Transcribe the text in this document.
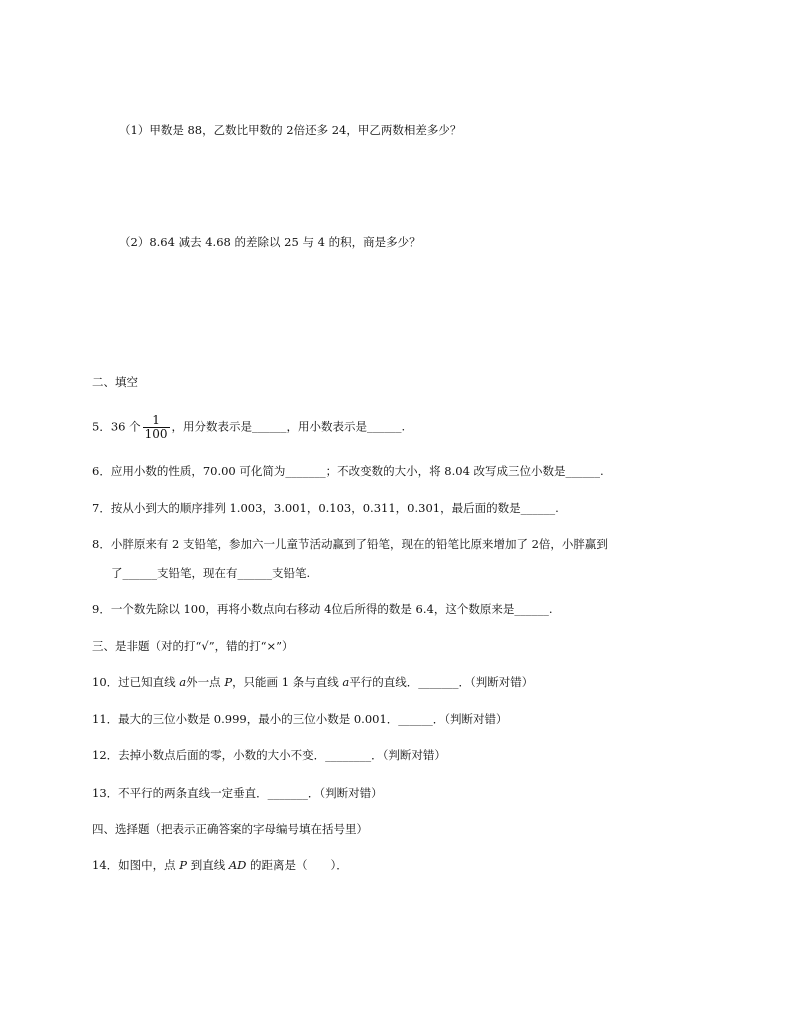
（1）甲数是 88，乙数比甲数的 2倍还多 24，甲乙两数相差多少？
（2）8.64 减去 4.68 的差除以 25 与 4 的积，商是多少？
二、填空
5．36 个 $\frac{1}{100}$ ，用分数表示是______，用小数表示是______.
6．应用小数的性质，70.00 可化简为_______；不改变数的大小，将 8.04 改写成三位小数是______.
7．按从小到大的顺序排列 1.003，3.001，0.103，0.311，0.301，最后面的数是______.
8．小胖原来有 2 支铅笔，参加六一儿童节活动赢到了铅笔，现在的铅笔比原来增加了 2倍，小胖赢到
了______支铅笔，现在有______支铅笔.
9．一个数先除以 100，再将小数点向右移动 4位后所得的数是 6.4，这个数原来是______.
三、是非题（对的打“√”，错的打“×”）
10．过已知直线 a外一点 P，只能画 1 条与直线 a平行的直线．_______．（判断对错）
11．最大的三位小数是 0.999，最小的三位小数是 0.001．______．（判断对错）
12．去掉小数点后面的零，小数的大小不变．________．（判断对错）
13．不平行的两条直线一定垂直．_______．（判断对错）
四、选择题（把表示正确答案的字母编号填在括号里）
14．如图中，点 P 到直线 AD 的距离是（　　）．
